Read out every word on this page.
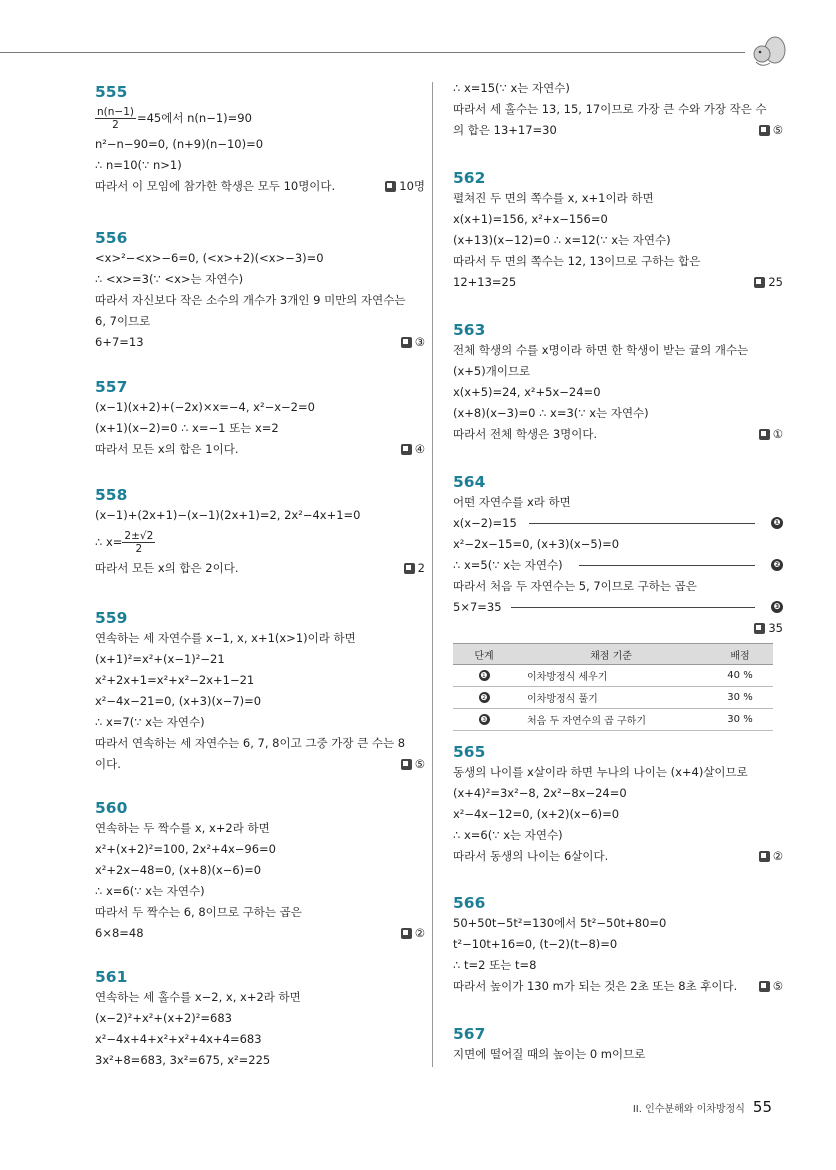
555
$\frac{n(n-1)}{2} =45$에서 n(n−1)=90
n²−n−90=0, (n+9)(n−10)=0
∴ n=10(∵ n>1)
따라서 이 모임에 참가한 학생은 모두 10명이다.	10명
556
<x>²−<x>−6=0, (<x>+2)(<x>−3)=0
∴ <x>=3(∵ <x>는 자연수)
따라서 자신보다 작은 소수의 개수가 3개인 9 미만의 자연수는
6, 7이므로
6+7=13	③
557
(x−1)(x+2)+(−2x)×x=−4, x²−x−2=0
(x+1)(x−2)=0 ∴ x=−1 또는 x=2
따라서 모든 x의 합은 1이다.	④
558
(x−1)+(2x+1)−(x−1)(2x+1)=2, 2x²−4x+1=0
∴ $x= \frac{2\pm√2}{2}$
따라서 모든 x의 합은 2이다.	2
559
연속하는 세 자연수를 x−1, x, x+1(x>1)이라 하면
(x+1)²=x²+(x−1)²−21
x²+2x+1=x²+x²−2x+1−21
x²−4x−21=0, (x+3)(x−7)=0
∴ x=7(∵ x는 자연수)
따라서 연속하는 세 자연수는 6, 7, 8이고 그중 가장 큰 수는 8
이다.	⑤
560
연속하는 두 짝수를 x, x+2라 하면
x²+(x+2)²=100, 2x²+4x−96=0
x²+2x−48=0, (x+8)(x−6)=0
∴ x=6(∵ x는 자연수)
따라서 두 짝수는 6, 8이므로 구하는 곱은
6×8=48	②
561
연속하는 세 홀수를 x−2, x, x+2라 하면
(x−2)²+x²+(x+2)²=683
x²−4x+4+x²+x²+4x+4=683
3x²+8=683, 3x²=675, x²=225
∴ x=15(∵ x는 자연수)
따라서 세 홀수는 13, 15, 17이므로 가장 큰 수와 가장 작은 수
의 합은 13+17=30	⑤
562
펼쳐진 두 면의 쪽수를 x, x+1이라 하면
x(x+1)=156, x²+x−156=0
(x+13)(x−12)=0 ∴ x=12(∵ x는 자연수)
따라서 두 면의 쪽수는 12, 13이므로 구하는 합은
12+13=25	25
563
전체 학생의 수를 x명이라 하면 한 학생이 받는 귤의 개수는
(x+5)개이므로
x(x+5)=24, x²+5x−24=0
(x+8)(x−3)=0 ∴ x=3(∵ x는 자연수)
따라서 전체 학생은 3명이다.	①
564
어떤 자연수를 x라 하면
x(x−2)=15	❶
x²−2x−15=0, (x+3)(x−5)=0
∴ x=5(∵ x는 자연수)	❷
따라서 처음 두 자연수는 5, 7이므로 구하는 곱은
5×7=35	❸
35
단계	채점 기준	배점
❶	이차방정식 세우기	40 %
❷	이차방정식 풀기	30 %
❸	처음 두 자연수의 곱 구하기	30 %
565
동생의 나이를 x살이라 하면 누나의 나이는 (x+4)살이므로
(x+4)²=3x²−8, 2x²−8x−24=0
x²−4x−12=0, (x+2)(x−6)=0
∴ x=6(∵ x는 자연수)
따라서 동생의 나이는 6살이다.	②
566
50+50t−5t²=130에서 5t²−50t+80=0
t²−10t+16=0, (t−2)(t−8)=0
∴ t=2 또는 t=8
따라서 높이가 130 m가 되는 것은 2초 또는 8초 후이다.	⑤
567
지면에 떨어질 때의 높이는 0 m이므로
II. 인수분해와 이차방정식 55
